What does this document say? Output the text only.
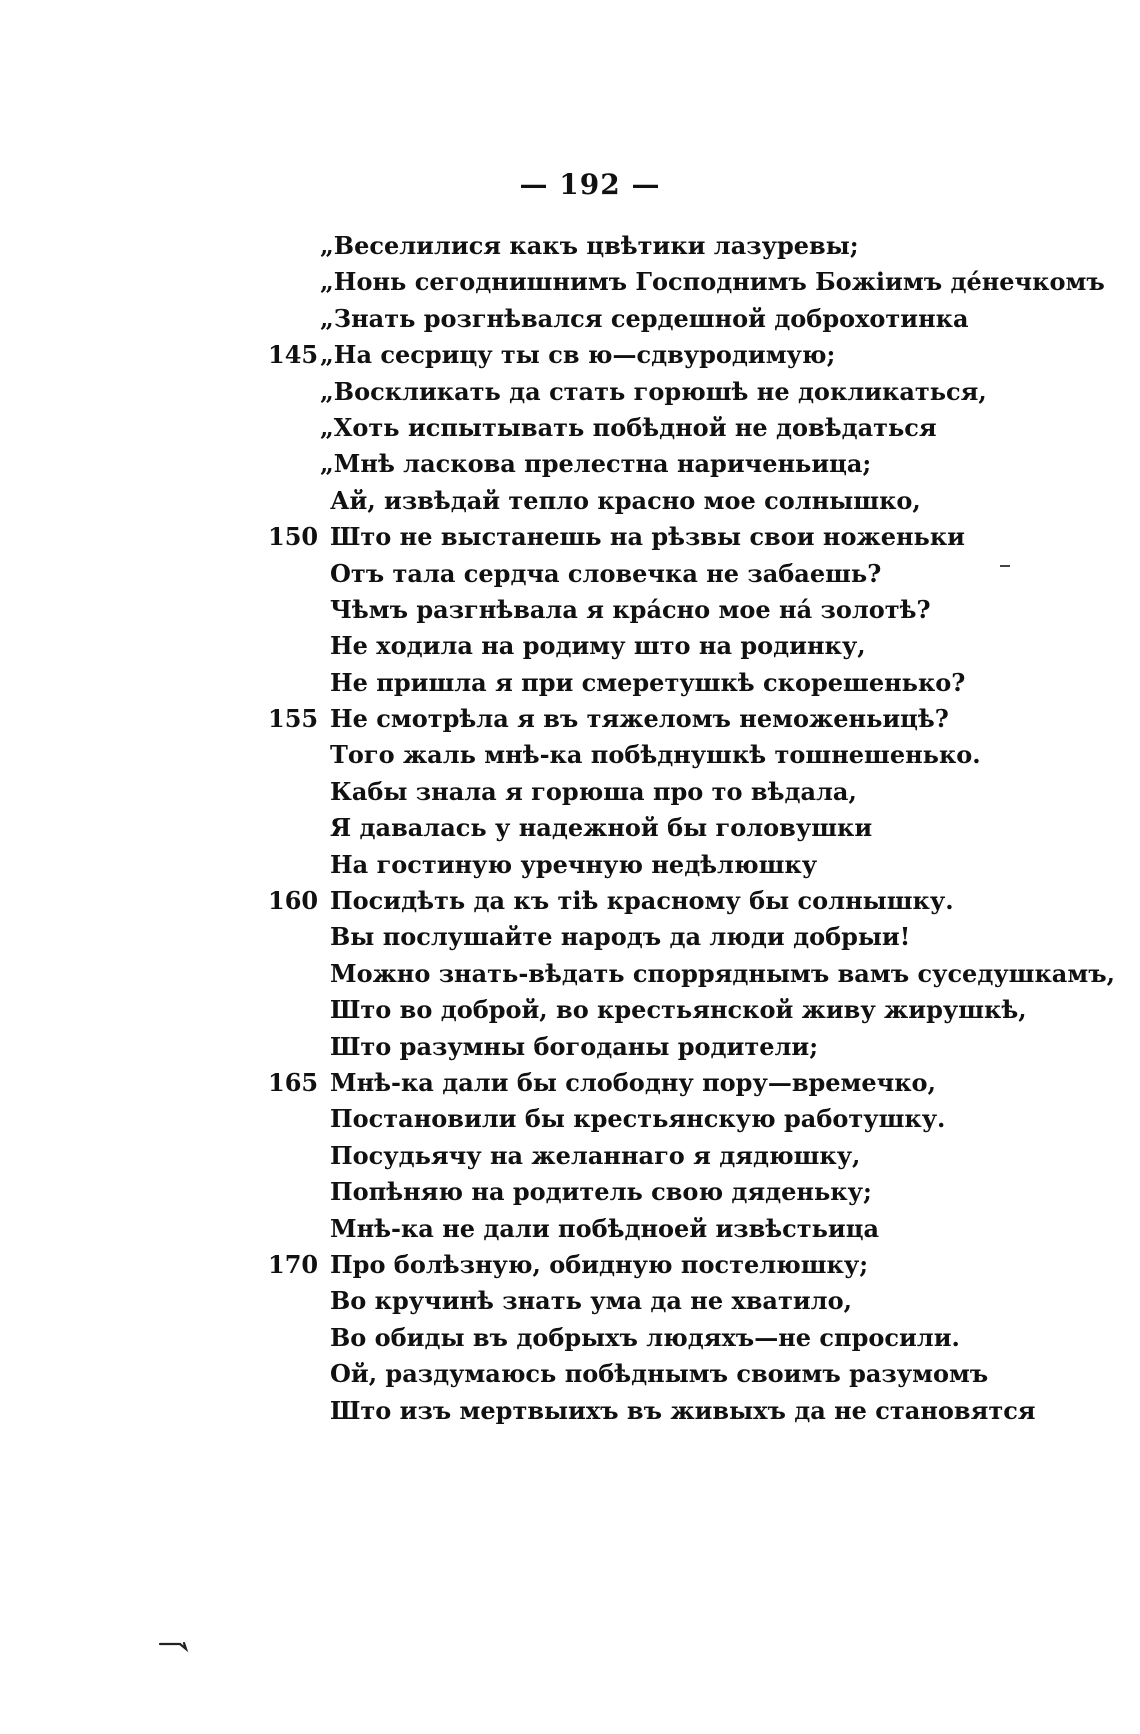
— 192 —
„Веселилися какъ цвѣтики лазуревы;
„Нонь сегоднишнимъ Господнимъ Божiимъ де́нечкомъ
„Знать розгнѣвался сердешной доброхотинка
145 „На сесрицу ты св ю—сдвуродимую;
„Воскликать да стать горюшѣ не докликаться,
„Хоть испытывать побѣдной не довѣдаться
„Мнѣ ласкова прелестна нариченьица;
Ай, извѣдай тепло красно мое солнышко,
150 Што не выстанешь на рѣзвы свои ноженьки
Отъ тала сердча словечка не забаешь?
Чѣмъ разгнѣвала я кра́сно мое на́ золотѣ?
Не ходила на родиму што на родинку,
Не пришла я при смеретушкѣ скорешенько?
155 Не смотрѣла я въ тяжеломъ неможеньицѣ?
Того жаль мнѣ-ка побѣднушкѣ тошнешенько.
Кабы знала я горюша про то вѣдала,
Я давалась у надежной бы головушки
На гостиную уречную недѣлюшку
160 Посидѣть да къ тiѣ красному бы солнышку.
Вы послушайте народъ да люди добрыи!
Можно знать-вѣдать спорряднымъ вамъ суседушкамъ,
Што во доброй, во крестьянской живу жирушкѣ,
Што разумны богоданы родители;
165 Мнѣ-ка дали бы слободну пору—времечко,
Постановили бы крестьянскую работушку.
Посудьячу на желаннаго я дядюшку,
Попѣняю на родитель свою дяденьку;
Мнѣ-ка не дали побѣдноей извѣстьица
170 Про болѣзную, обидную постелюшку;
Во кручинѣ знать ума да не хватило,
Во обиды въ добрыхъ людяхъ—не спросили.
Ой, раздумаюсь побѣднымъ своимъ разумомъ
Што изъ мертвыихъ въ живыхъ да не становятся
